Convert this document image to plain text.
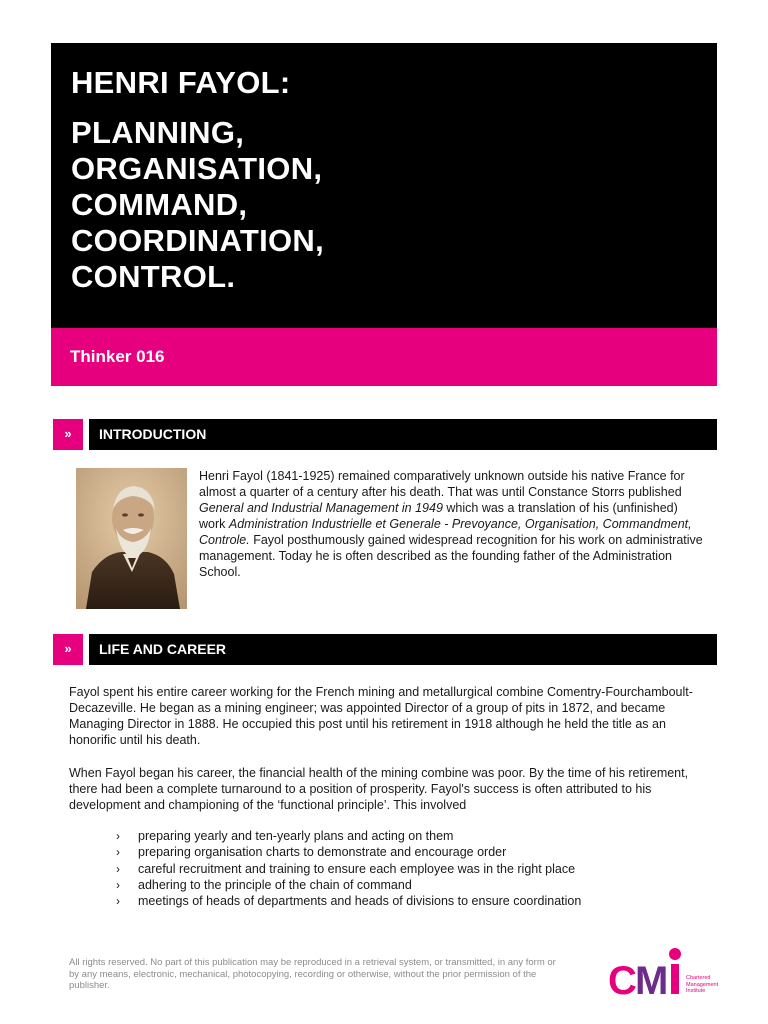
HENRI FAYOL:
PLANNING,
ORGANISATION,
COMMAND,
COORDINATION,
CONTROL.
Thinker 016
»	INTRODUCTION
Henri Fayol (1841-1925) remained comparatively unknown outside his native France for almost a quarter of a century after his death. That was until Constance Storrs published General and Industrial Management in 1949 which was a translation of his (unfinished) work Administration Industrielle et Generale - Prevoyance, Organisation, Commandment, Controle. Fayol posthumously gained widespread recognition for his work on administrative management. Today he is often described as the founding father of the Administration School.
»	LIFE AND CAREER
Fayol spent his entire career working for the French mining and metallurgical combine Comentry-Fourchamboult-Decazeville. He began as a mining engineer; was appointed Director of a group of pits in 1872, and became Managing Director in 1888. He occupied this post until his retirement in 1918 although he held the title as an honorific until his death.
When Fayol began his career, the financial health of the mining combine was poor. By the time of his retirement, there had been a complete turnaround to a position of prosperity. Fayol's success is often attributed to his development and championing of the ‘functional principle’. This involved
› preparing yearly and ten-yearly plans and acting on them
› preparing organisation charts to demonstrate and encourage order
› careful recruitment and training to ensure each employee was in the right place
› adhering to the principle of the chain of command
› meetings of heads of departments and heads of divisions to ensure coordination
All rights reserved. No part of this publication may be reproduced in a retrieval system, or transmitted, in any form or by any means, electronic, mechanical, photocopying, recording or otherwise, without the prior permission of the publisher.	C
M	Chartered
Management
Institute
